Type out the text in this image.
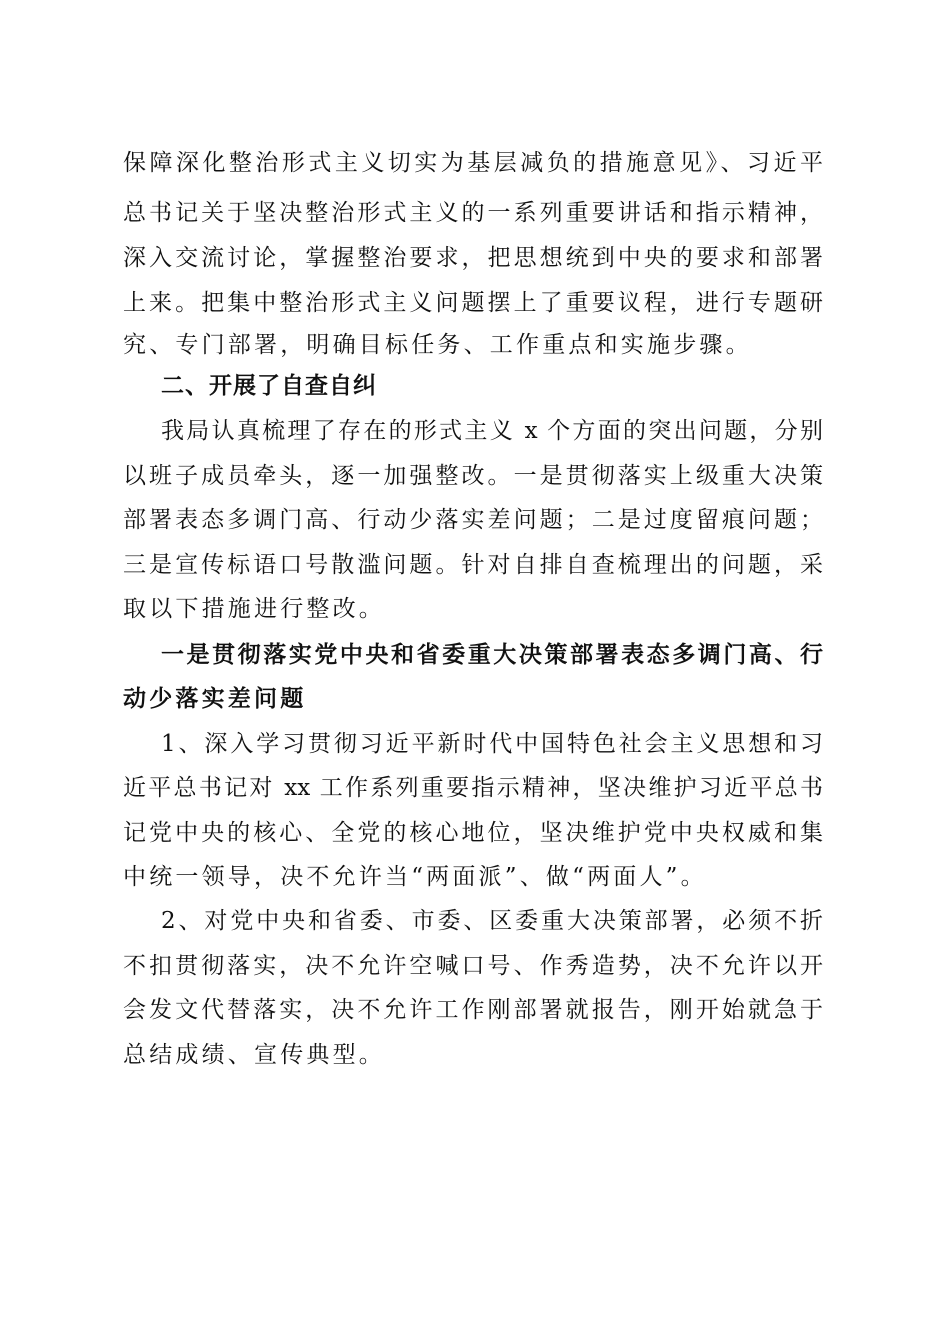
保障深化整治形式主义切实为基层减负的措施意见》、习近平
总书记关于坚决整治形式主义的一系列重要讲话和指示精神，
深入交流讨论，掌握整治要求，把思想统到中央的要求和部署
上来。把集中整治形式主义问题摆上了重要议程，进行专题研
究、专门部署，明确目标任务、工作重点和实施步骤。
二、开展了自查自纠
我局认真梳理了存在的形式主义 x 个方面的突出问题，分别
以班子成员牵头，逐一加强整改。一是贯彻落实上级重大决策
部署表态多调门高、行动少落实差问题；二是过度留痕问题；
三是宣传标语口号散滥问题。针对自排自查梳理出的问题，采
取以下措施进行整改。
一是贯彻落实党中央和省委重大决策部署表态多调门高、行
动少落实差问题
1、深入学习贯彻习近平新时代中国特色社会主义思想和习
近平总书记对 xx 工作系列重要指示精神，坚决维护习近平总书
记党中央的核心、全党的核心地位，坚决维护党中央权威和集
中统一领导，决不允许当“两面派”、做“两面人”。
2、对党中央和省委、市委、区委重大决策部署，必须不折
不扣贯彻落实，决不允许空喊口号、作秀造势，决不允许以开
会发文代替落实，决不允许工作刚部署就报告，刚开始就急于
总结成绩、宣传典型。
